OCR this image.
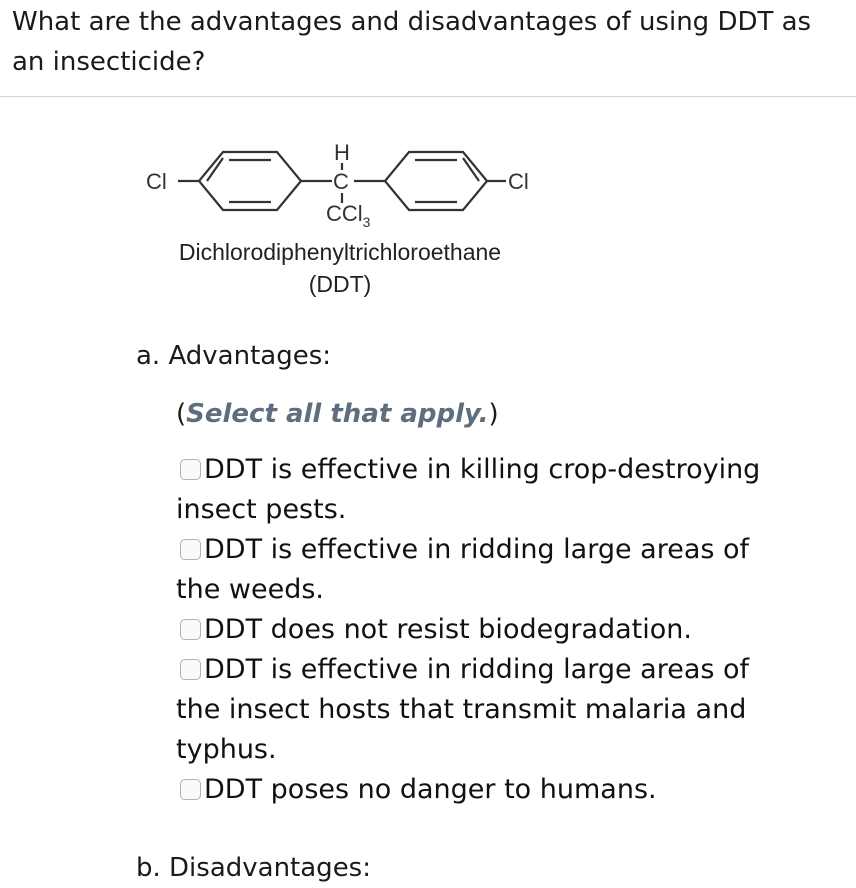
What are the advantages and disadvantages of using DDT as an insecticide?
Cl	Cl
H
C
CCl$_3$
Dichlorodiphenyltrichloroethane
(DDT)
a. Advantages:
(Select all that apply.)
DDT is effective in killing crop-destroying insect pests.
DDT is effective in ridding large areas of the weeds.
DDT does not resist biodegradation.
DDT is effective in ridding large areas of the insect hosts that transmit malaria and typhus.
DDT poses no danger to humans.
b. Disadvantages:
